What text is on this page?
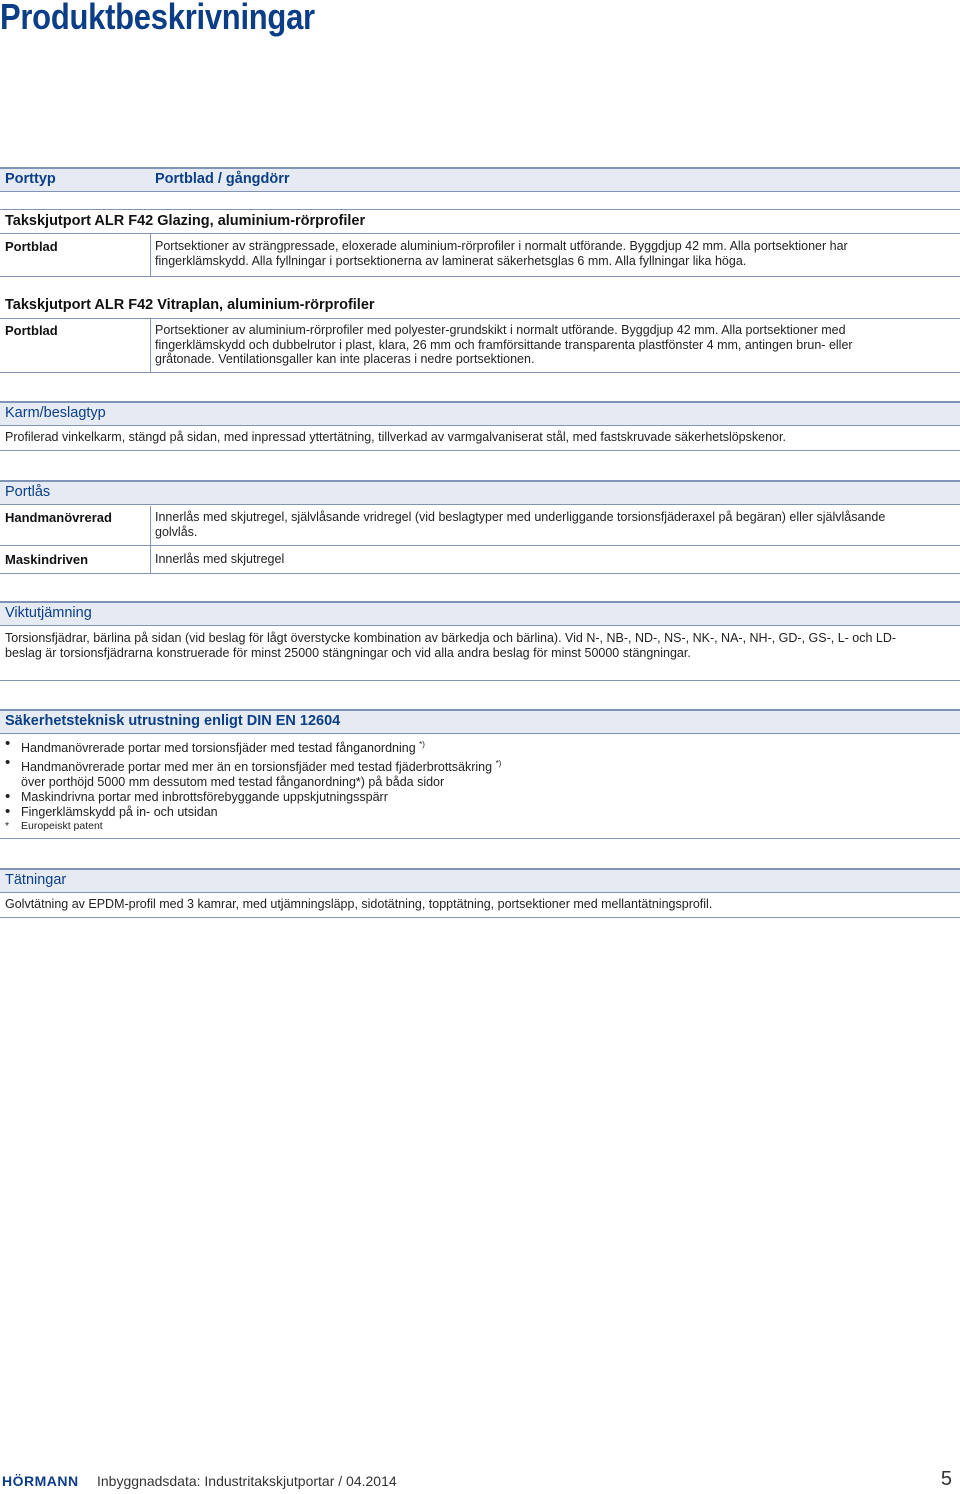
Produktbeskrivningar
Porttyp	Portblad / gångdörr
Takskjutport ALR F42 Glazing, aluminium-rörprofiler
Portblad	Portsektioner av strängpressade, eloxerade aluminium-rörprofiler i normalt utförande. Byggdjup 42 mm. Alla portsektioner har fingerklämskydd. Alla fyllningar i portsektionerna av laminerat säkerhetsglas 6 mm. Alla fyllningar lika höga.
Takskjutport ALR F42 Vitraplan, aluminium-rörprofiler
Portblad	Portsektioner av aluminium-rörprofiler med polyester-grundskikt i normalt utförande. Byggdjup 42 mm. Alla portsektioner med fingerklämskydd och dubbelrutor i plast, klara, 26 mm och framförsittande transparenta plastfönster 4 mm, antingen brun- eller gråtonade. Ventilationsgaller kan inte placeras i nedre portsektionen.
Karm/beslagtyp
Profilerad vinkelkarm, stängd på sidan, med inpressad yttertätning, tillverkad av varmgalvaniserat stål, med fastskruvade säkerhetslöpskenor.
Portlås
Handmanövrerad	Innerlås med skjutregel, självlåsande vridregel (vid beslagtyper med underliggande torsionsfjäderaxel på begäran) eller självlåsande golvlås.
Maskindriven	Innerlås med skjutregel
Viktutjämning
Torsionsfjädrar, bärlina på sidan (vid beslag för lågt överstycke kombination av bärkedja och bärlina). Vid N-, NB-, ND-, NS-, NK-, NA-, NH-, GD-, GS-, L- och LD-beslag är torsionsfjädrarna konstruerade för minst 25000 stängningar och vid alla andra beslag för minst 50000 stängningar.
Säkerhetsteknisk utrustning enligt DIN EN 12604
• Handmanövrerade portar med torsionsfjäder med testad fånganordning *)
• Handmanövrerade portar med mer än en torsionsfjäder med testad fjäderbrottsäkring *)
över porthöjd 5000 mm dessutom med testad fånganordning*) på båda sidor
• Maskindrivna portar med inbrottsförebyggande uppskjutningsspärr
• Fingerklämskydd på in- och utsidan
* Europeiskt patent
Tätningar
Golvtätning av EPDM-profil med 3 kamrar, med utjämningsläpp, sidotätning, topptätning, portsektioner med mellantätningsprofil.
HÖRMANN Inbyggnadsdata: Industritakskjutportar / 04.2014	5
